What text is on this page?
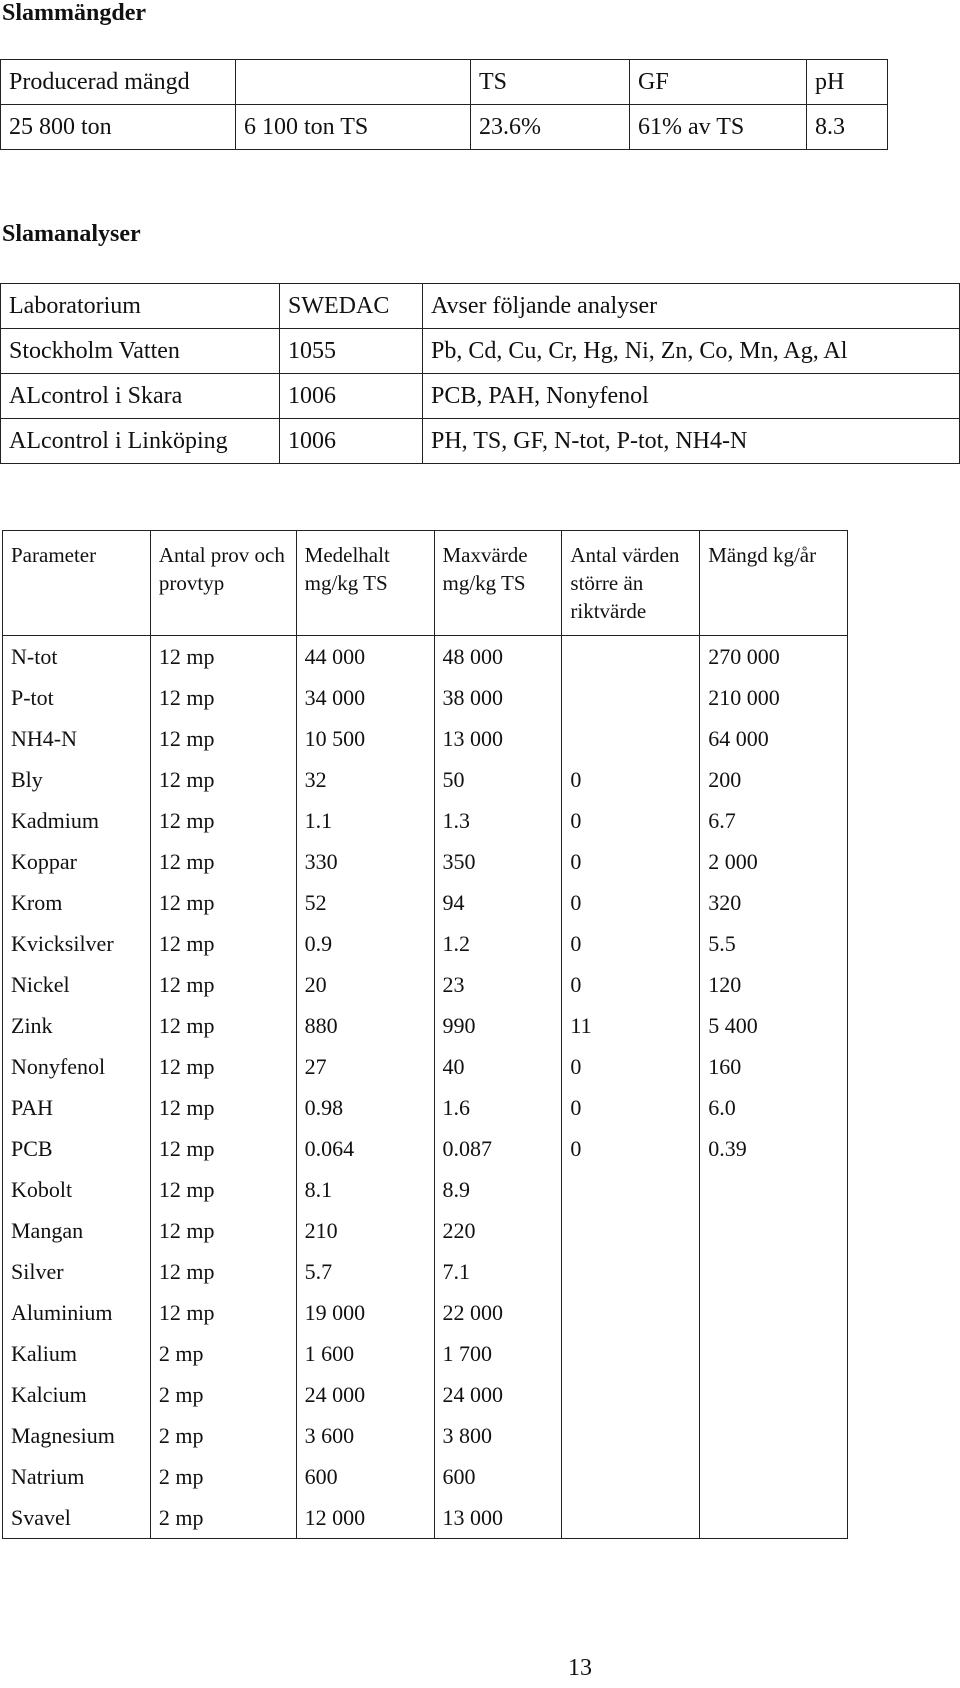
Slammängder
Producerad mängd		TS	GF	pH
25 800 ton	6 100 ton TS	23.6%	61% av TS	8.3
Slamanalyser
Laboratorium	SWEDAC	Avser följande analyser
Stockholm Vatten	1055	Pb, Cd, Cu, Cr, Hg, Ni, Zn, Co, Mn, Ag, Al
ALcontrol i Skara	1006	PCB, PAH, Nonyfenol
ALcontrol i Linköping	1006	PH, TS, GF, N-tot, P-tot, NH4-N
Parameter	Antal prov och provtyp	Medelhalt mg/kg TS	Maxvärde mg/kg TS	Antal värden större än riktvärde	Mängd kg/år
N-tot	12 mp	44 000	48 000		270 000
P-tot	12 mp	34 000	38 000		210 000
NH4-N	12 mp	10 500	13 000		64 000
Bly	12 mp	32	50	0	200
Kadmium	12 mp	1.1	1.3	0	6.7
Koppar	12 mp	330	350	0	2 000
Krom	12 mp	52	94	0	320
Kvicksilver	12 mp	0.9	1.2	0	5.5
Nickel	12 mp	20	23	0	120
Zink	12 mp	880	990	11	5 400
Nonyfenol	12 mp	27	40	0	160
PAH	12 mp	0.98	1.6	0	6.0
PCB	12 mp	0.064	0.087	0	0.39
Kobolt	12 mp	8.1	8.9		
Mangan	12 mp	210	220		
Silver	12 mp	5.7	7.1		
Aluminium	12 mp	19 000	22 000		
Kalium	2 mp	1 600	1 700		
Kalcium	2 mp	24 000	24 000		
Magnesium	2 mp	3 600	3 800		
Natrium	2 mp	600	600		
Svavel	2 mp	12 000	13 000		
13
